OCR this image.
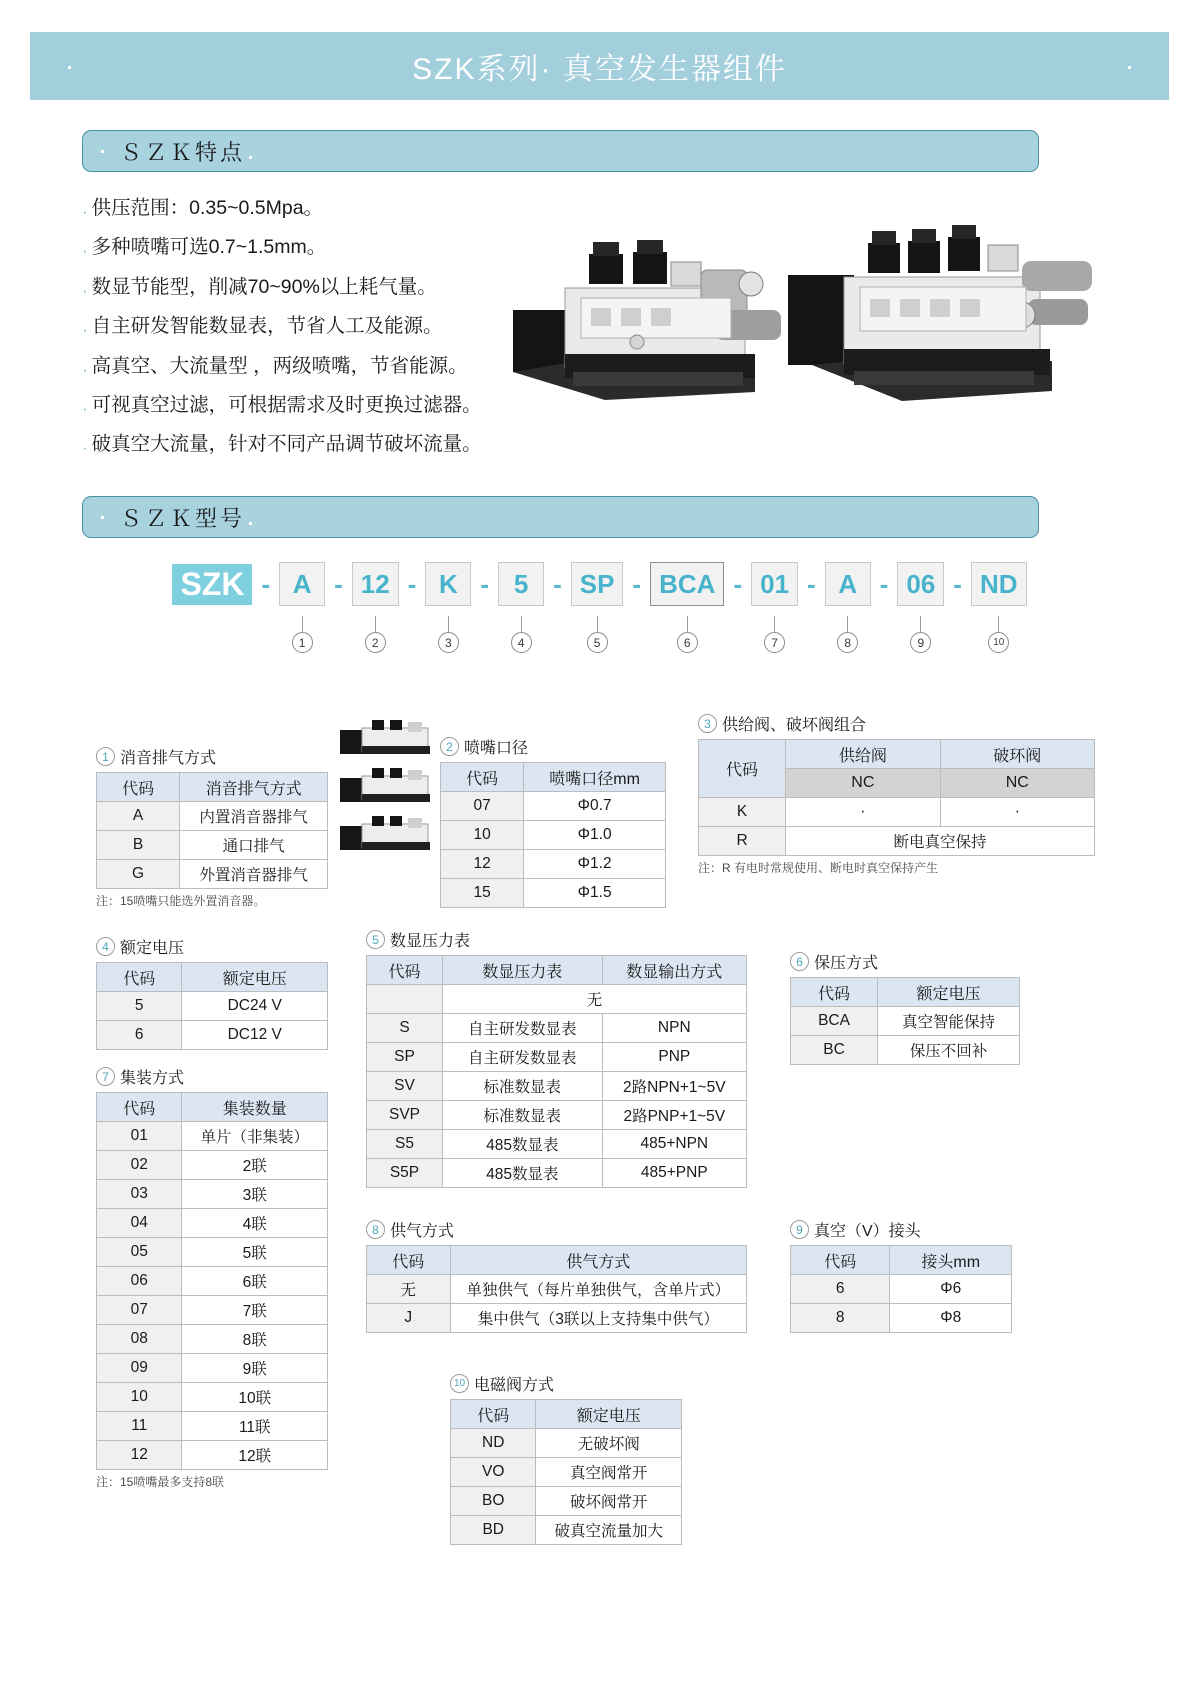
SZK系列· 真空发生器组件
ＳＺＫ特点
· 供压范围：0.35~0.5Mpa。
· 多种喷嘴可选0.7~1.5mm。
· 数显节能型，削减70~90%以上耗气量。
· 自主研发智能数显表，节省人工及能源。
· 高真空、大流量型 ，两级喷嘴，节省能源。
· 可视真空过滤，可根据需求及时更换过滤器。
· 破真空大流量，针对不同产品调节破坏流量。
ＳＺＫ型号
SZK - A - 12 - K - 5 - SP - BCA - 01 - A - 06 - ND
1	2	3	4	5	6	7	8	9	10
1 消音排气方式
代码	消音排气方式
A	内置消音器排气
B	通口排气
G	外置消音器排气
注：15喷嘴只能选外置消音器。
2 喷嘴口径
代码	喷嘴口径mm
07	Φ0.7
10	Φ1.0
12	Φ1.2
15	Φ1.5
3 供给阀、破坏阀组合
代码	供给阀	破环阀
	NC	NC
K	·	·
R	断电真空保持	
注：R 有电时常规使用、断电时真空保持产生
4 额定电压
代码	额定电压
5	DC24 V
6	DC12 V
5 数显压力表
代码	数显压力表	数显输出方式
	无	
S	自主研发数显表	NPN
SP	自主研发数显表	PNP
SV	标准数显表	2路NPN+1~5V
SVP	标准数显表	2路PNP+1~5V
S5	485数显表	485+NPN
S5P	485数显表	485+PNP
6 保压方式
代码	额定电压
BCA	真空智能保持
BC	保压不回补
7 集装方式
代码	集装数量
01	单片（非集装）
02	2联
03	3联
04	4联
05	5联
06	6联
07	7联
08	8联
09	9联
10	10联
11	11联
12	12联
注：15喷嘴最多支持8联
8 供气方式
代码	供气方式
无	单独供气（每片单独供气，含单片式）
J	集中供气（3联以上支持集中供气）
9 真空（V）接头
代码	接头mm
6	Φ6
8	Φ8
10 电磁阀方式
代码	额定电压
ND	无破坏阀
VO	真空阀常开
BO	破坏阀常开
BD	破真空流量加大
